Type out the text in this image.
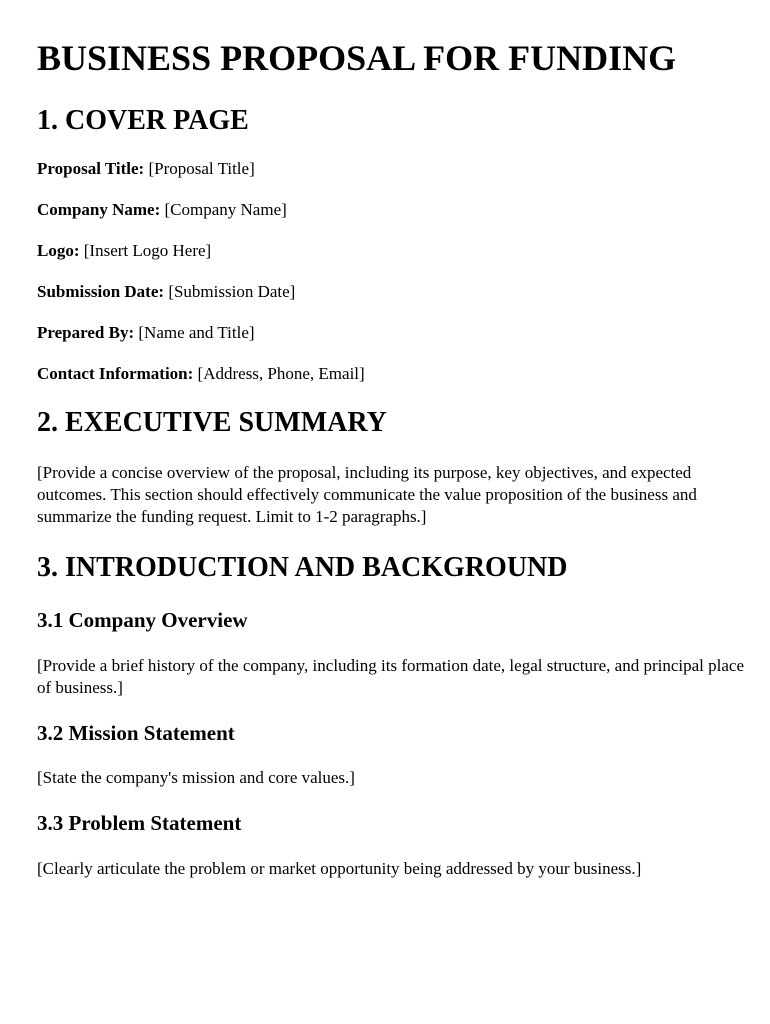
BUSINESS PROPOSAL FOR FUNDING
1. COVER PAGE
Proposal Title: [Proposal Title]
Company Name: [Company Name]
Logo: [Insert Logo Here]
Submission Date: [Submission Date]
Prepared By: [Name and Title]
Contact Information: [Address, Phone, Email]
2. EXECUTIVE SUMMARY

[Provide a concise overview of the proposal, including its purpose, key objectives, and expected outcomes. This section should effectively communicate the value proposition of the business and summarize the funding request. Limit to 1-2 paragraphs.]

3. INTRODUCTION AND BACKGROUND
3.1 Company Overview

[Provide a brief history of the company, including its formation date, legal structure, and principal place of business.]

3.2 Mission Statement

[State the company's mission and core values.]

3.3 Problem Statement

[Clearly articulate the problem or market opportunity being addressed by your business.]
